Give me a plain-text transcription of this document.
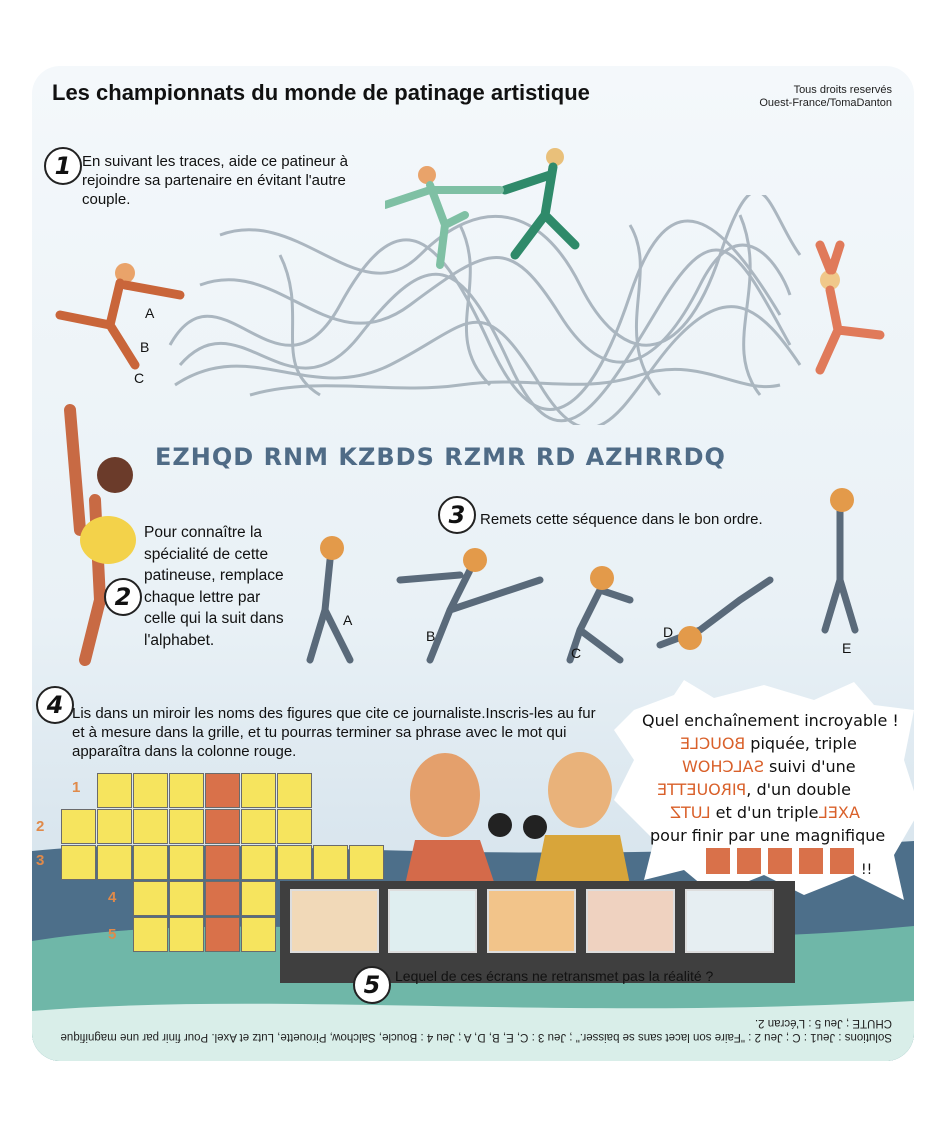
Les championnats du monde de patinage artistique	Tous droits reservés
Ouest-France/TomaDanton
1 En suivant les traces, aide ce patineur à rejoindre sa partenaire en évitant l'autre couple.
A
B
C
EZHQD RNM KZBDS RZMR RD AZHRRDQ
2
Pour connaître la spécialité de cette patineuse, remplace chaque lettre par celle qui la suit dans l'alphabet.
3 Remets cette séquence dans le bon ordre.
A
B
C
D
E
4 Lis dans un miroir les noms des figures que cite ce journaliste.Inscris-les au fur et à mesure dans la grille, et tu pourras terminer sa phrase avec le mot qui apparaîtra dans la colonne rouge.
1
2
3
4
5
Quel enchaînement incroyable !
BOUCLE piquée, triple
SALCHOW suivi d'une
PIROUETTE, d'un double
LUTZ et d'un tripleAXEL
pour finir par une magnifique
!!
5	Lequel de ces écrans ne retransmet pas la réalité ?
Solutions : Jeu1 : C ; Jeu 2 : "Faire son lacet sans se baisser." ; Jeu 3 : C, E, B, D, A ; Jeu 4 : Boucle, Salchow, Pirouette, Lutz et Axel. Pour finir par une magnifique CHUTE ; Jeu 5 : L'écran 2.
